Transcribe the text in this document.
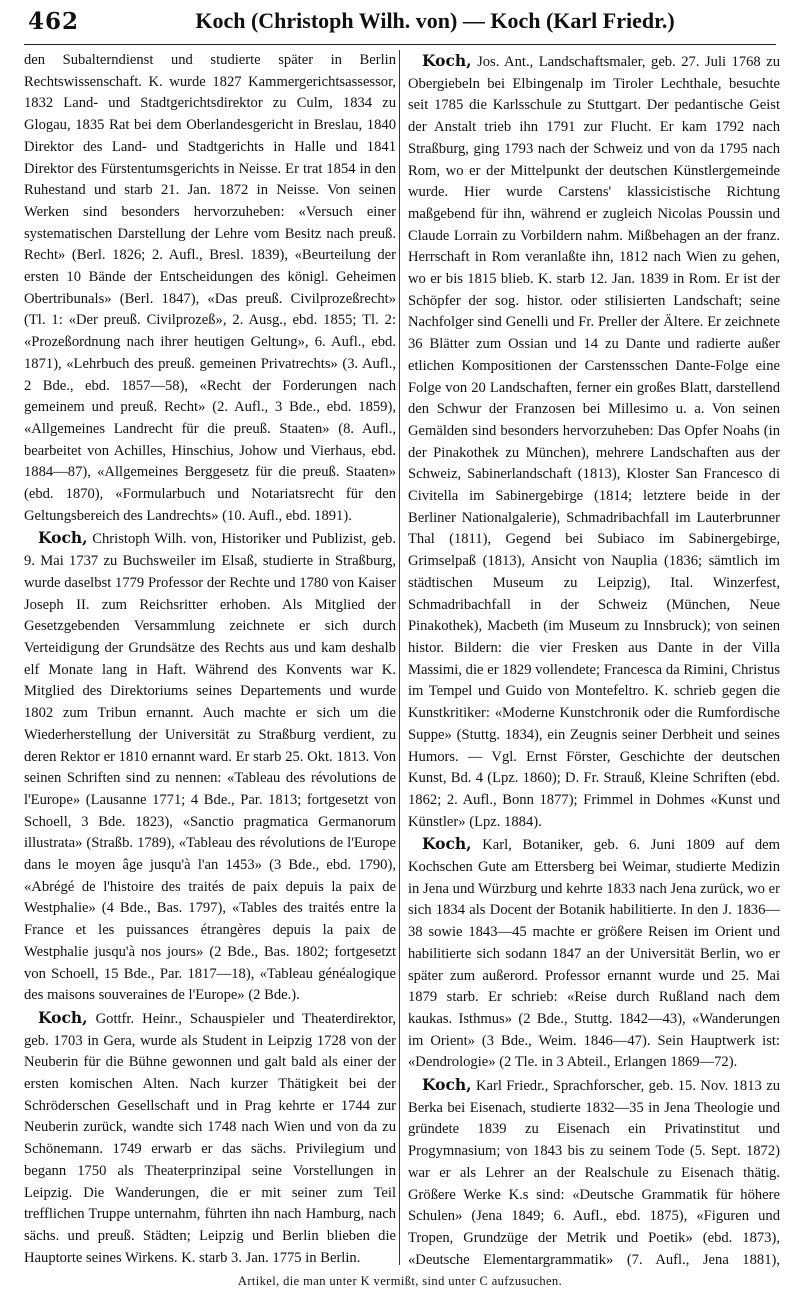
462	Koch (Christoph Wilh. von) — Koch (Karl Friedr.)

den Subalterndienst und studierte später in Berlin Rechtswissenschaft. K. wurde 1827 Kammergerichtsassessor, 1832 Land- und Stadtgerichtsdirektor zu Culm, 1834 zu Glogau, 1835 Rat bei dem Oberlandesgericht in Breslau, 1840 Direktor des Land- und Stadtgerichts in Halle und 1841 Direktor des Fürstentumsgerichts in Neisse. Er trat 1854 in den Ruhestand und starb 21. Jan. 1872 in Neisse. Von seinen Werken sind besonders hervorzuheben: «Versuch einer systematischen Darstellung der Lehre vom Besitz nach preuß. Recht» (Berl. 1826; 2. Aufl., Bresl. 1839), «Beurteilung der ersten 10 Bände der Entscheidungen des königl. Geheimen Obertribunals» (Berl. 1847), «Das preuß. Civilprozeßrecht» (Tl. 1: «Der preuß. Civilprozeß», 2. Ausg., ebd. 1855; Tl. 2: «Prozeßordnung nach ihrer heutigen Geltung», 6. Aufl., ebd. 1871), «Lehrbuch des preuß. gemeinen Privatrechts» (3. Aufl., 2 Bde., ebd. 1857—58), «Recht der Forderungen nach gemeinem und preuß. Recht» (2. Aufl., 3 Bde., ebd. 1859), «Allgemeines Landrecht für die preuß. Staaten» (8. Aufl., bearbeitet von Achilles, Hinschius, Johow und Vierhaus, ebd. 1884—87), «Allgemeines Berggesetz für die preuß. Staaten» (ebd. 1870), «Formularbuch und Notariatsrecht für den Geltungsbereich des Landrechts» (10. Aufl., ebd. 1891).

Koch, Christoph Wilh. von, Historiker und Publizist, geb. 9. Mai 1737 zu Buchsweiler im Elsaß, studierte in Straßburg, wurde daselbst 1779 Professor der Rechte und 1780 von Kaiser Joseph II. zum Reichsritter erhoben. Als Mitglied der Gesetzgebenden Versammlung zeichnete er sich durch Verteidigung der Grundsätze des Rechts aus und kam deshalb elf Monate lang in Haft. Während des Konvents war K. Mitglied des Direktoriums seines Departements und wurde 1802 zum Tribun ernannt. Auch machte er sich um die Wiederherstellung der Universität zu Straßburg verdient, zu deren Rektor er 1810 ernannt ward. Er starb 25. Okt. 1813. Von seinen Schriften sind zu nennen: «Tableau des révolutions de l'Europe» (Lausanne 1771; 4 Bde., Par. 1813; fortgesetzt von Schoell, 3 Bde. 1823), «Sanctio pragmatica Germanorum illustrata» (Straßb. 1789), «Tableau des révolutions de l'Europe dans le moyen âge jusqu'à l'an 1453» (3 Bde., ebd. 1790), «Abrégé de l'histoire des traités de paix depuis la paix de Westphalie» (4 Bde., Bas. 1797), «Tables des traités entre la France et les puissances étrangères depuis la paix de Westphalie jusqu'à nos jours» (2 Bde., Bas. 1802; fortgesetzt von Schoell, 15 Bde., Par. 1817—18), «Tableau généalogique des maisons souveraines de l'Europe» (2 Bde.).

Koch, Gottfr. Heinr., Schauspieler und Theaterdirektor, geb. 1703 in Gera, wurde als Student in Leipzig 1728 von der Neuberin für die Bühne gewonnen und galt bald als einer der ersten komischen Alten. Nach kurzer Thätigkeit bei der Schröderschen Gesellschaft und in Prag kehrte er 1744 zur Neuberin zurück, wandte sich 1748 nach Wien und von da zu Schönemann. 1749 erwarb er das sächs. Privilegium und begann 1750 als Theaterprinzipal seine Vorstellungen in Leipzig. Die Wanderungen, die er mit seiner zum Teil trefflichen Truppe unternahm, führten ihn nach Hamburg, nach sächs. und preuß. Städten; Leipzig und Berlin blieben die Hauptorte seines Wirkens. K. starb 3. Jan. 1775 in Berlin.

Koch, Jos. Ant., Landschaftsmaler, geb. 27. Juli 1768 zu Obergiebeln bei Elbingenalp im Tiroler Lechthale, besuchte seit 1785 die Karlsschule zu Stuttgart. Der pedantische Geist der Anstalt trieb ihn 1791 zur Flucht. Er kam 1792 nach Straßburg, ging 1793 nach der Schweiz und von da 1795 nach Rom, wo er der Mittelpunkt der deutschen Künstlergemeinde wurde. Hier wurde Carstens' klassicistische Richtung maßgebend für ihn, während er zugleich Nicolas Poussin und Claude Lorrain zu Vorbildern nahm. Mißbehagen an der franz. Herrschaft in Rom veranlaßte ihn, 1812 nach Wien zu gehen, wo er bis 1815 blieb. K. starb 12. Jan. 1839 in Rom. Er ist der Schöpfer der sog. histor. oder stilisierten Landschaft; seine Nachfolger sind Genelli und Fr. Preller der Ältere. Er zeichnete 36 Blätter zum Ossian und 14 zu Dante und radierte außer etlichen Kompositionen der Carstensschen Dante-Folge eine Folge von 20 Landschaften, ferner ein großes Blatt, darstellend den Schwur der Franzosen bei Millesimo u. a. Von seinen Gemälden sind besonders hervorzuheben: Das Opfer Noahs (in der Pinakothek zu München), mehrere Landschaften aus der Schweiz, Sabinerlandschaft (1813), Kloster San Francesco di Civitella im Sabinergebirge (1814; letztere beide in der Berliner Nationalgalerie), Schmadribachfall im Lauterbrunner Thal (1811), Gegend bei Subiaco im Sabinergebirge, Grimselpaß (1813), Ansicht von Nauplia (1836; sämtlich im städtischen Museum zu Leipzig), Ital. Winzerfest, Schmadribachfall in der Schweiz (München, Neue Pinakothek), Macbeth (im Museum zu Innsbruck); von seinen histor. Bildern: die vier Fresken aus Dante in der Villa Massimi, die er 1829 vollendete; Francesca da Rimini, Christus im Tempel und Guido von Montefeltro. K. schrieb gegen die Kunstkritiker: «Moderne Kunstchronik oder die Rumfordische Suppe» (Stuttg. 1834), ein Zeugnis seiner Derbheit und seines Humors. — Vgl. Ernst Förster, Geschichte der deutschen Kunst, Bd. 4 (Lpz. 1860); D. Fr. Strauß, Kleine Schriften (ebd. 1862; 2. Aufl., Bonn 1877); Frimmel in Dohmes «Kunst und Künstler» (Lpz. 1884).

Koch, Karl, Botaniker, geb. 6. Juni 1809 auf dem Kochschen Gute am Ettersberg bei Weimar, studierte Medizin in Jena und Würzburg und kehrte 1833 nach Jena zurück, wo er sich 1834 als Docent der Botanik habilitierte. In den J. 1836—38 sowie 1843—45 machte er größere Reisen im Orient und habilitierte sich sodann 1847 an der Universität Berlin, wo er später zum außerord. Professor ernannt wurde und 25. Mai 1879 starb. Er schrieb: «Reise durch Rußland nach dem kaukas. Isthmus» (2 Bde., Stuttg. 1842—43), «Wanderungen im Orient» (3 Bde., Weim. 1846—47). Sein Hauptwerk ist: «Dendrologie» (2 Tle. in 3 Abteil., Erlangen 1869—72).

Koch, Karl Friedr., Sprachforscher, geb. 15. Nov. 1813 zu Berka bei Eisenach, studierte 1832—35 in Jena Theologie und gründete 1839 zu Eisenach ein Privatinstitut und Progymnasium; von 1843 bis zu seinem Tode (5. Sept. 1872) war er als Lehrer an der Realschule zu Eisenach thätig. Größere Werke K.s sind: «Deutsche Grammatik für höhere Schulen» (Jena 1849; 6. Aufl., ebd. 1875), «Figuren und Tropen, Grundzüge der Metrik und Poetik» (ebd. 1873), «Deutsche Elementargrammatik» (7. Aufl., Jena 1881),

Artikel, die man unter K vermißt, sind unter C aufzusuchen.
